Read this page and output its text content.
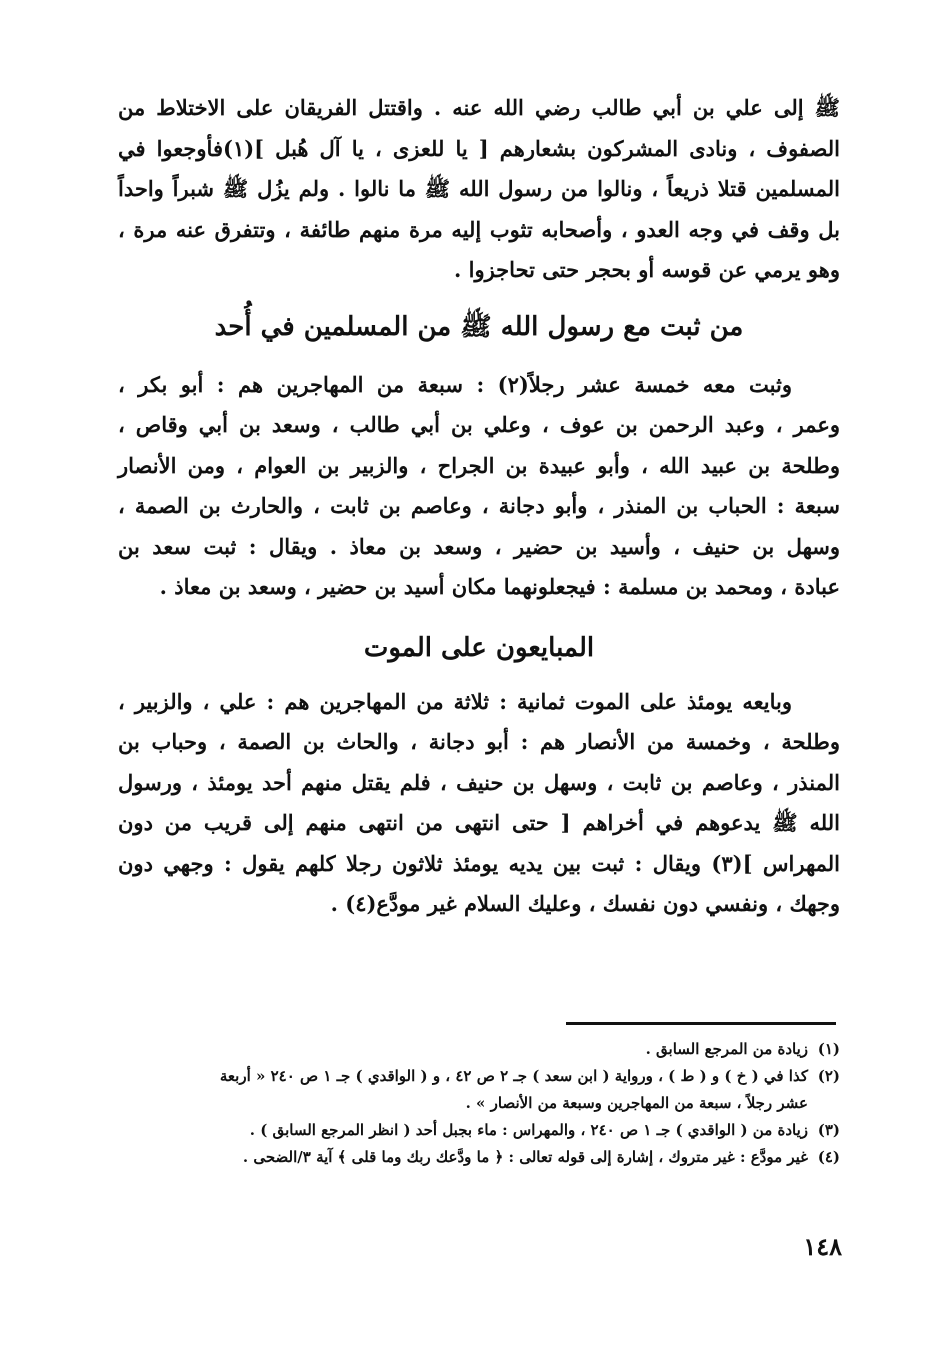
ﷺ إلى علي بن أبي طالب رضي الله عنه . واقتتل الفريقان على الاختلاط من
الصفوف ، ونادى المشركون بشعارهم [ يا للعزى ، يا آل هُبل ](١)فأوجعوا في
المسلمين قتلا ذريعاً ، ونالوا من رسول الله ﷺ ما نالوا . ولم يزُل ﷺ شبراً واحداً
بل وقف في وجه العدو ، وأصحابه تثوب إليه مرة منهم طائفة ، وتتفرق عنه مرة ،
وهو يرمي عن قوسه أو بحجر حتى تحاجزوا .
من ثبت مع رسول الله ﷺ من المسلمين في أُحد
وثبت معه خمسة عشر رجلاً(٢) : سبعة من المهاجرين هم : أبو بكر ،
وعمر ، وعبد الرحمن بن عوف ، وعلي بن أبي طالب ، وسعد بن أبي وقاص ،
وطلحة بن عبيد الله ، وأبو عبيدة بن الجراح ، والزبير بن العوام ، ومن الأنصار
سبعة : الحباب بن المنذر ، وأبو دجانة ، وعاصم بن ثابت ، والحارث بن الصمة ،
وسهل بن حنيف ، وأسيد بن حضير ، وسعد بن معاذ . ويقال : ثبت سعد بن
عبادة ، ومحمد بن مسلمة : فيجعلونهما مكان أسيد بن حضير ، وسعد بن معاذ .
المبايعون على الموت
وبايعه يومئذ على الموت ثمانية : ثلاثة من المهاجرين هم : علي ، والزبير ،
وطلحة ، وخمسة من الأنصار هم : أبو دجانة ، والحاث بن الصمة ، وحباب بن
المنذر ، وعاصم بن ثابت ، وسهل بن حنيف ، فلم يقتل منهم أحد يومئذ ، ورسول
الله ﷺ يدعوهم في أخراهم [ حتى انتهى من انتهى منهم إلى قريب من دون
المهراس ](٣) ويقال : ثبت بين يديه يومئذ ثلاثون رجلا كلهم يقول : وجهي دون
وجهك ، ونفسي دون نفسك ، وعليك السلام غير مودَّع(٤) .
(١)
زيادة من المرجع السابق .
(٢)
كذا في ( خ ) و ( ط ) ، ورواية ( ابن سعد ) جـ ٢ ص ٤٢ ، و ( الواقدي ) جـ ١ ص ٢٤٠ « أربعة
عشر رجلاً ، سبعة من المهاجرين وسبعة من الأنصار » .
(٣)
زيادة من ( الواقدي ) جـ ١ ص ٢٤٠ ، والمهراس : ماء بجبل أحد ( انظر المرجع السابق ) .
(٤)
غير مودَّع : غير متروك ، إشارة إلى قوله تعالى : ﴿ ما ودَّعك ربك وما قلى ﴾ آية ٣/الضحى .
١٤٨
